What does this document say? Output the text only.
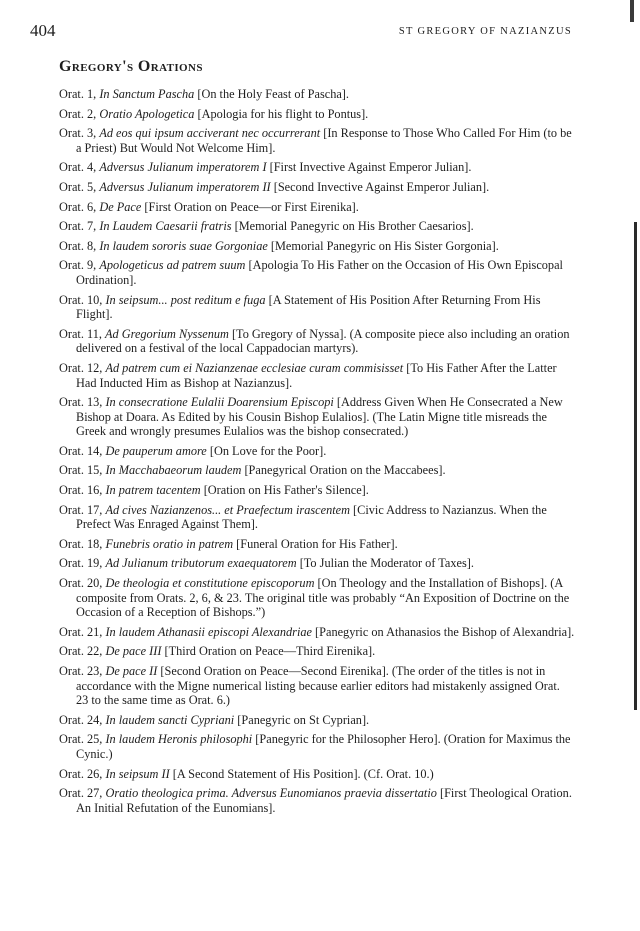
404	ST GREGORY OF NAZIANZUS
Gregory's Orations
Orat. 1, In Sanctum Pascha [On the Holy Feast of Pascha].
Orat. 2, Oratio Apologetica [Apologia for his flight to Pontus].
Orat. 3, Ad eos qui ipsum acciverant nec occurrerant [In Response to Those Who Called For Him (to be a Priest) But Would Not Welcome Him].
Orat. 4, Adversus Julianum imperatorem I [First Invective Against Emperor Julian].
Orat. 5, Adversus Julianum imperatorem II [Second Invective Against Emperor Julian].
Orat. 6, De Pace [First Oration on Peace—or First Eirenika].
Orat. 7, In Laudem Caesarii fratris [Memorial Panegyric on His Brother Caesarios].
Orat. 8, In laudem sororis suae Gorgoniae [Memorial Panegyric on His Sister Gorgonia].
Orat. 9, Apologeticus ad patrem suum [Apologia To His Father on the Occasion of His Own Episcopal Ordination].
Orat. 10, In seipsum... post reditum e fuga [A Statement of His Position After Returning From His Flight].
Orat. 11, Ad Gregorium Nyssenum [To Gregory of Nyssa]. (A composite piece also including an oration delivered on a festival of the local Cappadocian martyrs).
Orat. 12, Ad patrem cum ei Nazianzenae ecclesiae curam commisisset [To His Father After the Latter Had Inducted Him as Bishop at Nazianzus].
Orat. 13, In consecratione Eulalii Doarensium Episcopi [Address Given When He Consecrated a New Bishop at Doara. As Edited by his Cousin Bishop Eulalios]. (The Latin Migne title misreads the Greek and wrongly presumes Eulalios was the bishop consecrated.)
Orat. 14, De pauperum amore [On Love for the Poor].
Orat. 15, In Macchabaeorum laudem [Panegyrical Oration on the Maccabees].
Orat. 16, In patrem tacentem [Oration on His Father's Silence].
Orat. 17, Ad cives Nazianzenos... et Praefectum irascentem [Civic Address to Nazianzus. When the Prefect Was Enraged Against Them].
Orat. 18, Funebris oratio in patrem [Funeral Oration for His Father].
Orat. 19, Ad Julianum tributorum exaequatorem [To Julian the Moderator of Taxes].
Orat. 20, De theologia et constitutione episcoporum [On Theology and the Installation of Bishops]. (A composite from Orats. 2, 6, & 23. The original title was probably “An Exposition of Doctrine on the Occasion of a Reception of Bishops.”)
Orat. 21, In laudem Athanasii episcopi Alexandriae [Panegyric on Athanasios the Bishop of Alexandria].
Orat. 22, De pace III [Third Oration on Peace—Third Eirenika].
Orat. 23, De pace II [Second Oration on Peace—Second Eirenika]. (The order of the titles is not in accordance with the Migne numerical listing because earlier editors had mistakenly assigned Orat. 23 to the same time as Orat. 6.)
Orat. 24, In laudem sancti Cypriani [Panegyric on St Cyprian].
Orat. 25, In laudem Heronis philosophi [Panegyric for the Philosopher Hero]. (Oration for Maximus the Cynic.)
Orat. 26, In seipsum II [A Second Statement of His Position]. (Cf. Orat. 10.)
Orat. 27, Oratio theologica prima. Adversus Eunomianos praevia dissertatio [First Theological Oration. An Initial Refutation of the Eunomians].
